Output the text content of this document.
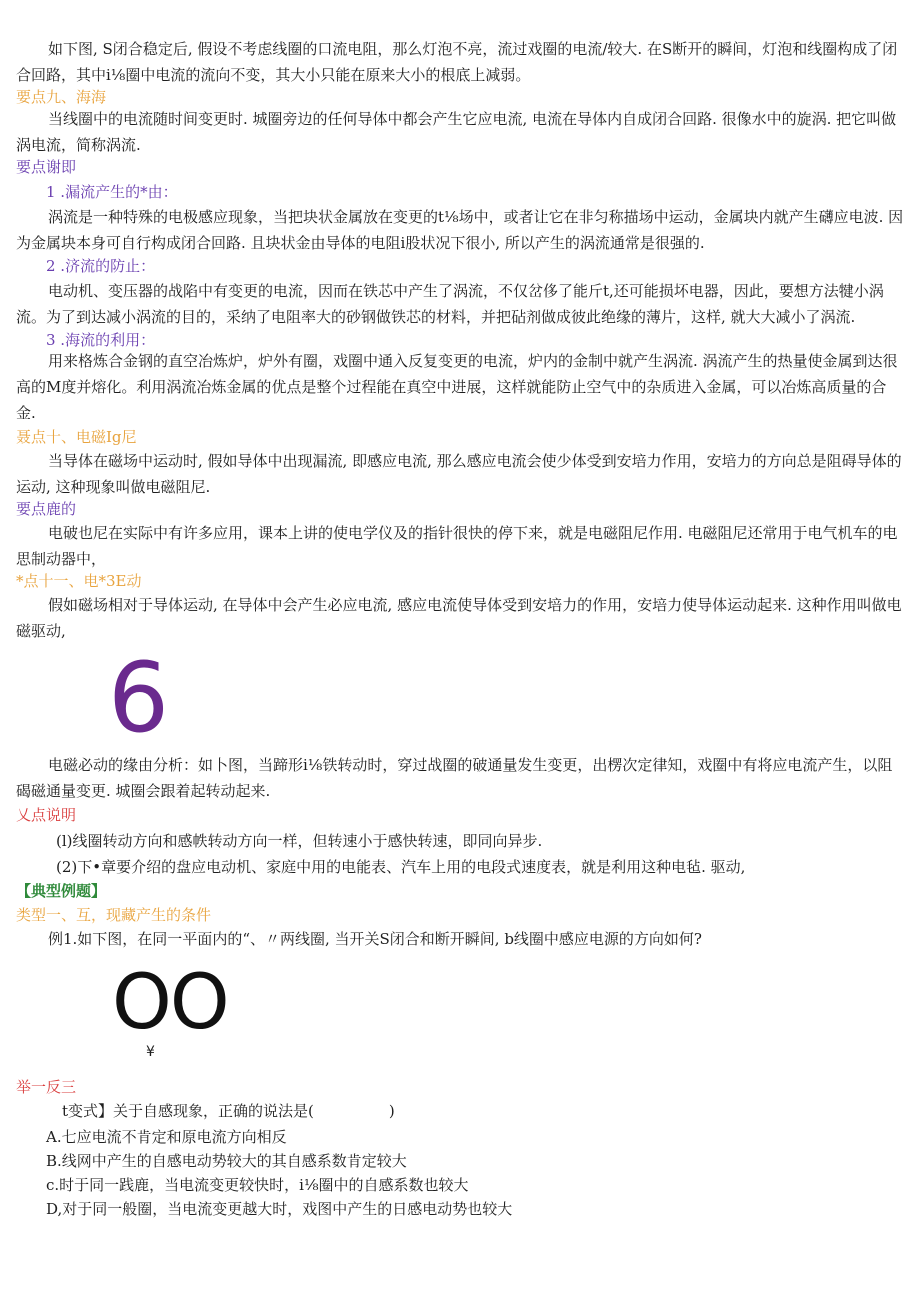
如下图, S闭合稳定后, 假设不考虑线圈的口流电阻，那么灯泡不亮，流过戏圈的电流/较大. 在S断开的瞬间，灯泡和线圈构成了闭合回路，其中i⅛圈中电流的流向不变，其大小只能在原来大小的根底上减弱。

要点九、海海

当线圈中的电流随时间变更时. 城圈旁边的任何导体中都会产生它应电流, 电流在导体内自成闭合回路. 很像水中的旋涡. 把它叫做涡电流，简称涡流.

要点谢即
1 .漏流产生的*由：

涡流是一种特殊的电极感应现象，当把块状金属放在变更的t⅛场中，或者让它在非匀称描场中运动，金属块内就产生礴应电波. 因为金属块本身可自行构成闭合回路. 且块状金由导体的电阻i股状况下很小, 所以产生的涡流通常是很强的.

2 .济流的防止：

电动机、变压器的战陷中有变更的电流，因而在铁芯中产生了涡流，不仅岔侈了能斤t,还可能损坏电器，因此，要想方法犍小涡流。为了到达减小涡流的目的，采纳了电阻率大的砂钢做铁芯的材料，并把砧剂做成彼此绝缘的薄片，这样, 就大大减小了涡流.

3 .海流的利用：

用来格炼合金钢的直空冶炼炉，炉外有圈，戏圈中通入反复变更的电流，炉内的金制中就产生涡流. 涡流产生的热量使金属到达很高的M度并熔化。利用涡流冶炼金属的优点是整个过程能在真空中进展，这样就能防止空气中的杂质进入金属，可以冶炼高质量的合金.

聂点十、电磁Ig尼

当导体在磁场中运动时, 假如导体中出现漏流, 即感应电流, 那么感应电流会使少体受到安培力作用，安培力的方向总是阻碍导体的运动, 这种现象叫做电磁阻尼.

要点鹿的

电破也尼在实际中有许多应用，课本上讲的使电学仪及的指针很快的停下来，就是电磁阻尼作用. 电磁阻尼还常用于电气机车的电思制动器中，

*点十一、电*3E动

假如磁场相对于导体运动, 在导体中会产生必应电流, 感应电流使导体受到安培力的作用，安培力使导体运动起来. 这种作用叫做电磁驱动,

6

电磁必动的缘由分析：如卜图，当蹄形i⅛铁转动时，穿过战圈的破通量发生变更，出楞次定律知，戏圈中有将应电流产生，以阻碣磁通量变更. 城圈会跟着起转动起来.

乂点说明
(l)线圈转动方向和感帙转动方向一样，但转速小于感快转速，即同向异步.
(2)下•章要介绍的盘应电动机、家庭中用的电能表、汽车上用的电段式速度表，就是利用这种电毡. 驱动,
【典型例题】
类型一、互，现藏产生的条件

例1.如下图，在同一平面内的“、〃两线圈, 当开关S闭合和断开瞬间, b线圈中感应电源的方向如何?

OO
¥
举一反三
t变式】关于自感现象，正确的说法是(　　　　　)
A.七应电流不肯定和原电流方向相反
B.线网中产生的自感电动势较大的其自感系数肯定较大
c.时于同一践鹿，当电流变更较快时，i⅛圈中的自感系数也较大
D,对于同一般圈，当电流变更越大时，戏图中产生的日感电动势也较大
